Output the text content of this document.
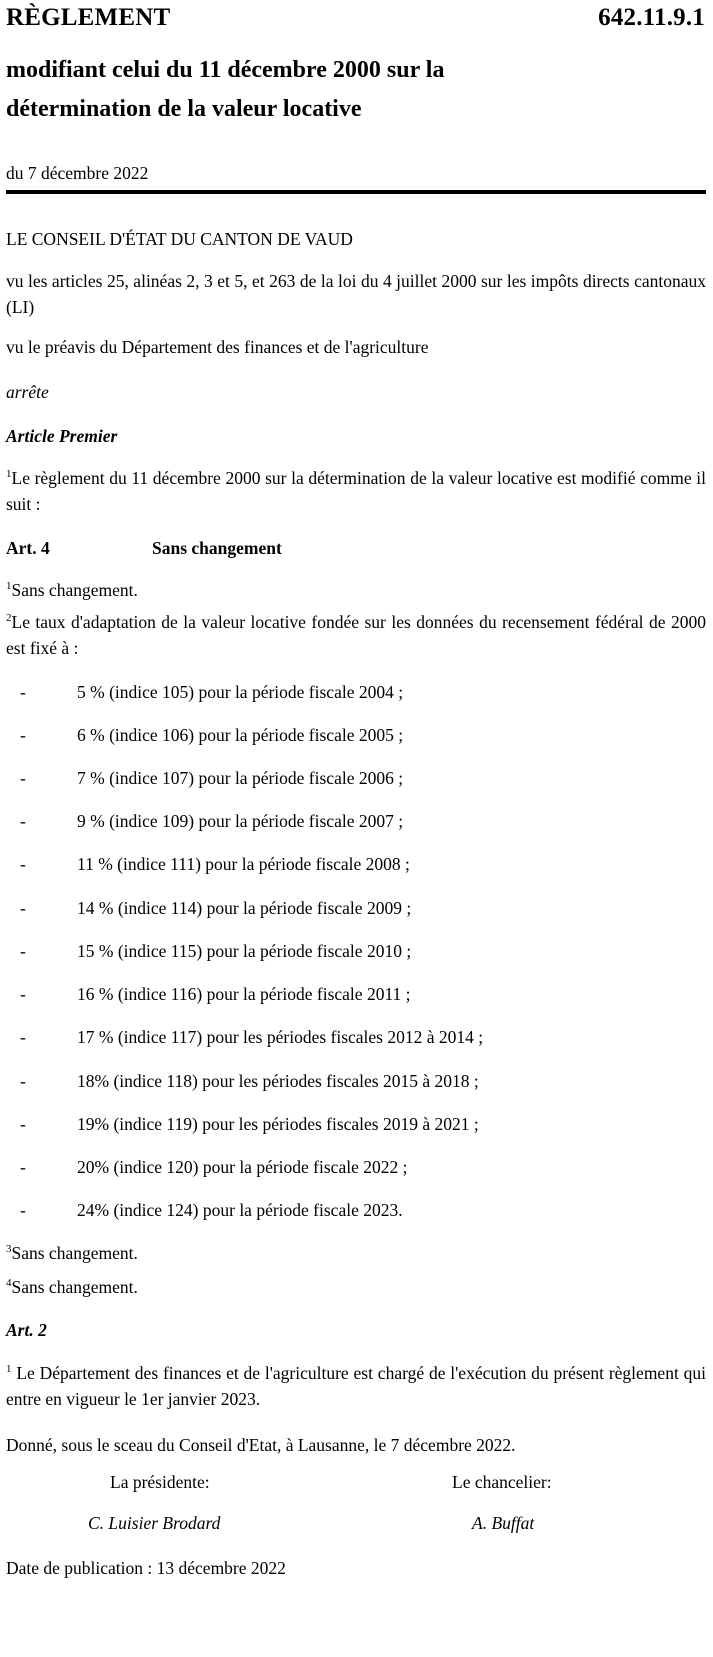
RÈGLEMENT	642.11.9.1
modifiant celui du 11 décembre 2000 sur la
détermination de la valeur locative
du 7 décembre 2022
LE CONSEIL D'ÉTAT DU CANTON DE VAUD
vu les articles 25, alinéas 2, 3 et 5, et 263 de la loi du 4 juillet 2000 sur les impôts directs cantonaux (LI)
vu le préavis du Département des finances et de l'agriculture
arrête
Article Premier
$^1$Le règlement du 11 décembre 2000 sur la détermination de la valeur locative est modifié comme il suit :
Art. 4	Sans changement
$^1$Sans changement.
$^2$Le taux d'adaptation de la valeur locative fondée sur les données du recensement fédéral de 2000 est fixé à :
-	5 % (indice 105) pour la période fiscale 2004 ;
-	6 % (indice 106) pour la période fiscale 2005 ;
-	7 % (indice 107) pour la période fiscale 2006 ;
-	9 % (indice 109) pour la période fiscale 2007 ;
-	11 % (indice 111) pour la période fiscale 2008 ;
-	14 % (indice 114) pour la période fiscale 2009 ;
-	15 % (indice 115) pour la période fiscale 2010 ;
-	16 % (indice 116) pour la période fiscale 2011 ;
-	17 % (indice 117) pour les périodes fiscales 2012 à 2014 ;
-	18% (indice 118) pour les périodes fiscales 2015 à 2018 ;
-	19% (indice 119) pour les périodes fiscales 2019 à 2021 ;
-	20% (indice 120) pour la période fiscale 2022 ;
-	24% (indice 124) pour la période fiscale 2023.
$^3$Sans changement.
$^4$Sans changement.
Art. 2
$^1$ Le Département des finances et de l'agriculture est chargé de l'exécution du présent règlement qui entre en vigueur le 1er janvier 2023.
Donné, sous le sceau du Conseil d'Etat, à Lausanne, le 7 décembre 2022.
La présidente:	Le chancelier:
C. Luisier Brodard	A. Buffat
Date de publication : 13 décembre 2022
